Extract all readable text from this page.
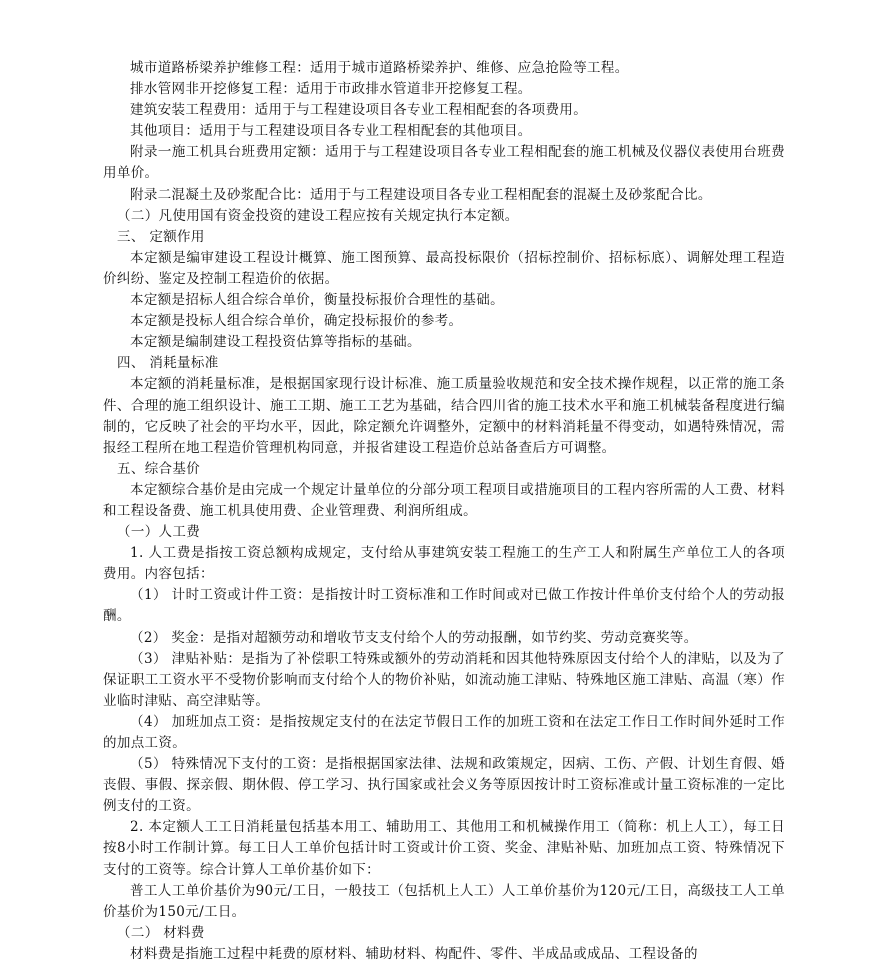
城市道路桥梁养护维修工程：适用于城市道路桥梁养护、维修、应急抢险等工程。

排水管网非开挖修复工程：适用于市政排水管道非开挖修复工程。

建筑安装工程费用：适用于与工程建设项目各专业工程相配套的各项费用。

其他项目：适用于与工程建设项目各专业工程相配套的其他项目。

附录一施工机具台班费用定额：适用于与工程建设项目各专业工程相配套的施工机械及仪器仪表使用台班费用单价。

附录二混凝土及砂浆配合比：适用于与工程建设项目各专业工程相配套的混凝土及砂浆配合比。

（二）凡使用国有资金投资的建设工程应按有关规定执行本定额。

三、 定额作用

本定额是编审建设工程设计概算、施工图预算、最高投标限价（招标控制价、招标标底）、调解处理工程造价纠纷、鉴定及控制工程造价的依据。

本定额是招标人组合综合单价，衡量投标报价合理性的基础。

本定额是投标人组合综合单价，确定投标报价的参考。

本定额是编制建设工程投资估算等指标的基础。

四、 消耗量标准

本定额的消耗量标准，是根据国家现行设计标准、施工质量验收规范和安全技术操作规程，以正常的施工条件、合理的施工组织设计、施工工期、施工工艺为基础，结合四川省的施工技术水平和施工机械装备程度进行编制的，它反映了社会的平均水平，因此，除定额允许调整外，定额中的材料消耗量不得变动，如遇特殊情况，需报经工程所在地工程造价管理机构同意，并报省建设工程造价总站备查后方可调整。

五、综合基价

本定额综合基价是由完成一个规定计量单位的分部分项工程项目或措施项目的工程内容所需的人工费、材料和工程设备费、施工机具使用费、企业管理费、利润所组成。

（一）人工费

1. 人工费是指按工资总额构成规定，支付给从事建筑安装工程施工的生产工人和附属生产单位工人的各项费用。内容包括：

（1） 计时工资或计件工资：是指按计时工资标准和工作时间或对已做工作按计件单价支付给个人的劳动报酬。

（2） 奖金：是指对超额劳动和增收节支支付给个人的劳动报酬，如节约奖、劳动竞赛奖等。

（3） 津贴补贴：是指为了补偿职工特殊或额外的劳动消耗和因其他特殊原因支付给个人的津贴，以及为了保证职工工资水平不受物价影响而支付给个人的物价补贴，如流动施工津贴、特殊地区施工津贴、高温（寒）作业临时津贴、高空津贴等。

（4） 加班加点工资：是指按规定支付的在法定节假日工作的加班工资和在法定工作日工作时间外延时工作的加点工资。

（5） 特殊情况下支付的工资：是指根据国家法律、法规和政策规定，因病、工伤、产假、计划生育假、婚丧假、事假、探亲假、期休假、停工学习、执行国家或社会义务等原因按计时工资标准或计量工资标准的一定比例支付的工资。

2. 本定额人工工日消耗量包括基本用工、辅助用工、其他用工和机械操作用工（简称：机上人工），每工日按8小时工作制计算。每工日人工单价包括计时工资或计价工资、奖金、津贴补贴、加班加点工资、特殊情况下支付的工资等。综合计算人工单价基价如下：

普工人工单价基价为90元/工日，一般技工（包括机上人工）人工单价基价为120元/工日，高级技工人工单价基价为150元/工日。

（二） 材料费

材料费是指施工过程中耗费的原材料、辅助材料、构配件、零件、半成品或成品、工程设备的
